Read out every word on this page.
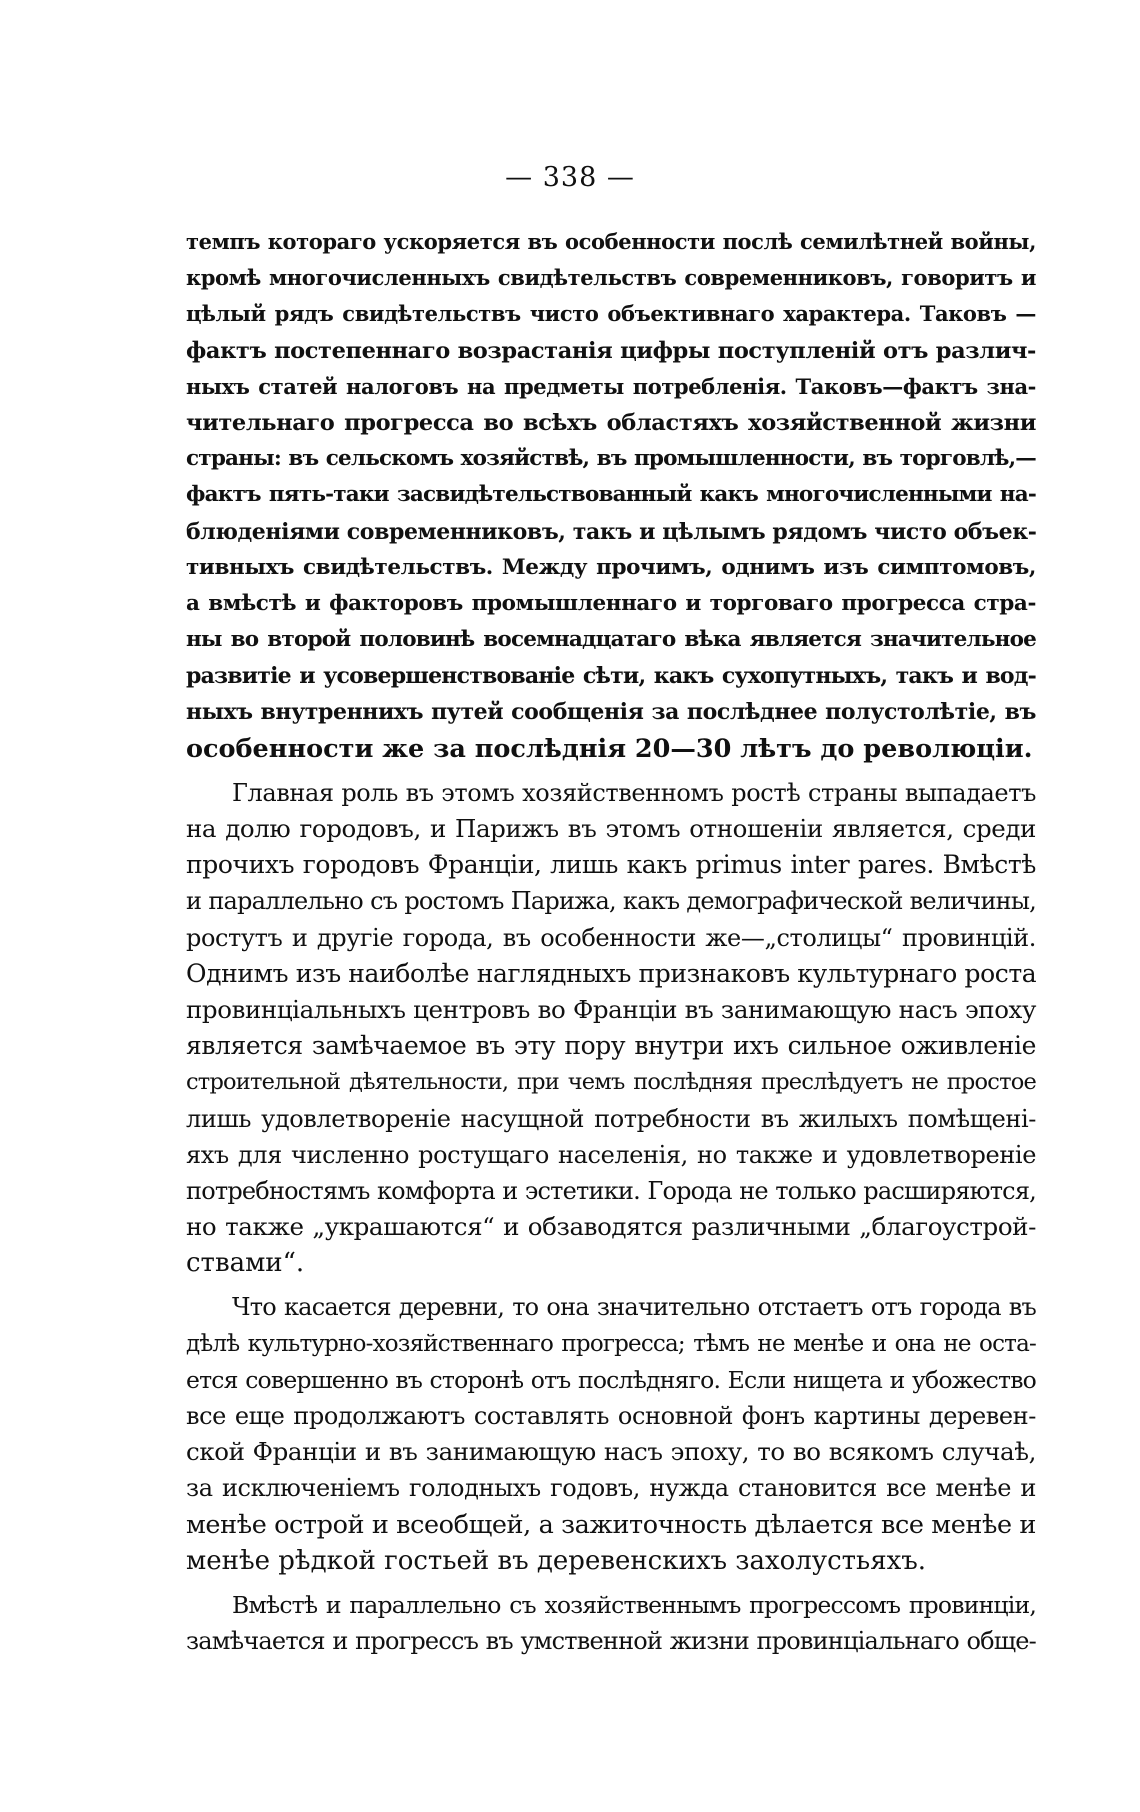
— 338 —
темпъ котораго ускоряется въ особенности послѣ семилѣтней войны,
кромѣ многочисленныхъ свидѣтельствъ современниковъ, говоритъ и
цѣлый рядъ свидѣтельствъ чисто объективнаго характера. Таковъ —
фактъ постепеннаго возрастанія цифры поступленій отъ различ-
ныхъ статей налоговъ на предметы потребленія. Таковъ—фактъ зна-
чительнаго прогресса во всѣхъ областяхъ хозяйственной жизни
страны: въ сельскомъ хозяйствѣ, въ промышленности, въ торговлѣ,—
фактъ пять-таки засвидѣтельствованный какъ многочисленными на-
блюденіями современниковъ, такъ и цѣлымъ рядомъ чисто объек-
тивныхъ свидѣтельствъ. Между прочимъ, однимъ изъ симптомовъ,
а вмѣстѣ и факторовъ промышленнаго и торговаго прогресса стра-
ны во второй половинѣ восемнадцатаго вѣка является значительное
развитіе и усовершенствованіе сѣти, какъ сухопутныхъ, такъ и вод-
ныхъ внутреннихъ путей сообщенія за послѣднее полустолѣтіе, въ
особенности же за послѣднія 20—30 лѣтъ до революціи.
Главная роль въ этомъ хозяйственномъ ростѣ страны выпадаетъ
на долю городовъ, и Парижъ въ этомъ отношеніи является, среди
прочихъ городовъ Франціи, лишь какъ primus inter pares. Вмѣстѣ
и параллельно съ ростомъ Парижа, какъ демографической величины,
ростутъ и другіе города, въ особенности же—„столицы“ провинцій.
Однимъ изъ наиболѣе наглядныхъ признаковъ культурнаго роста
провинціальныхъ центровъ во Франціи въ занимающую насъ эпоху
является замѣчаемое въ эту пору внутри ихъ сильное оживленіе
строительной дѣятельности, при чемъ послѣдняя преслѣдуетъ не простое
лишь удовлетвореніе насущной потребности въ жилыхъ помѣщені-
яхъ для численно ростущаго населенія, но также и удовлетвореніе
потребностямъ комфорта и эстетики. Города не только расширяются,
но также „украшаются“ и обзаводятся различными „благоустрой-
ствами“.
Что касается деревни, то она значительно отстаетъ отъ города въ
дѣлѣ культурно-хозяйственнаго прогресса; тѣмъ не менѣе и она не оста-
ется совершенно въ сторонѣ отъ послѣдняго. Если нищета и убожество
все еще продолжаютъ составлять основной фонъ картины деревен-
ской Франціи и въ занимающую насъ эпоху, то во всякомъ случаѣ,
за исключеніемъ голодныхъ годовъ, нужда становится все менѣе и
менѣе острой и всеобщей, а зажиточность дѣлается все менѣе и
менѣе рѣдкой гостьей въ деревенскихъ захолустьяхъ.
Вмѣстѣ и параллельно съ хозяйственнымъ прогрессомъ провинціи,
замѣчается и прогрессъ въ умственной жизни провинціальнаго обще-
